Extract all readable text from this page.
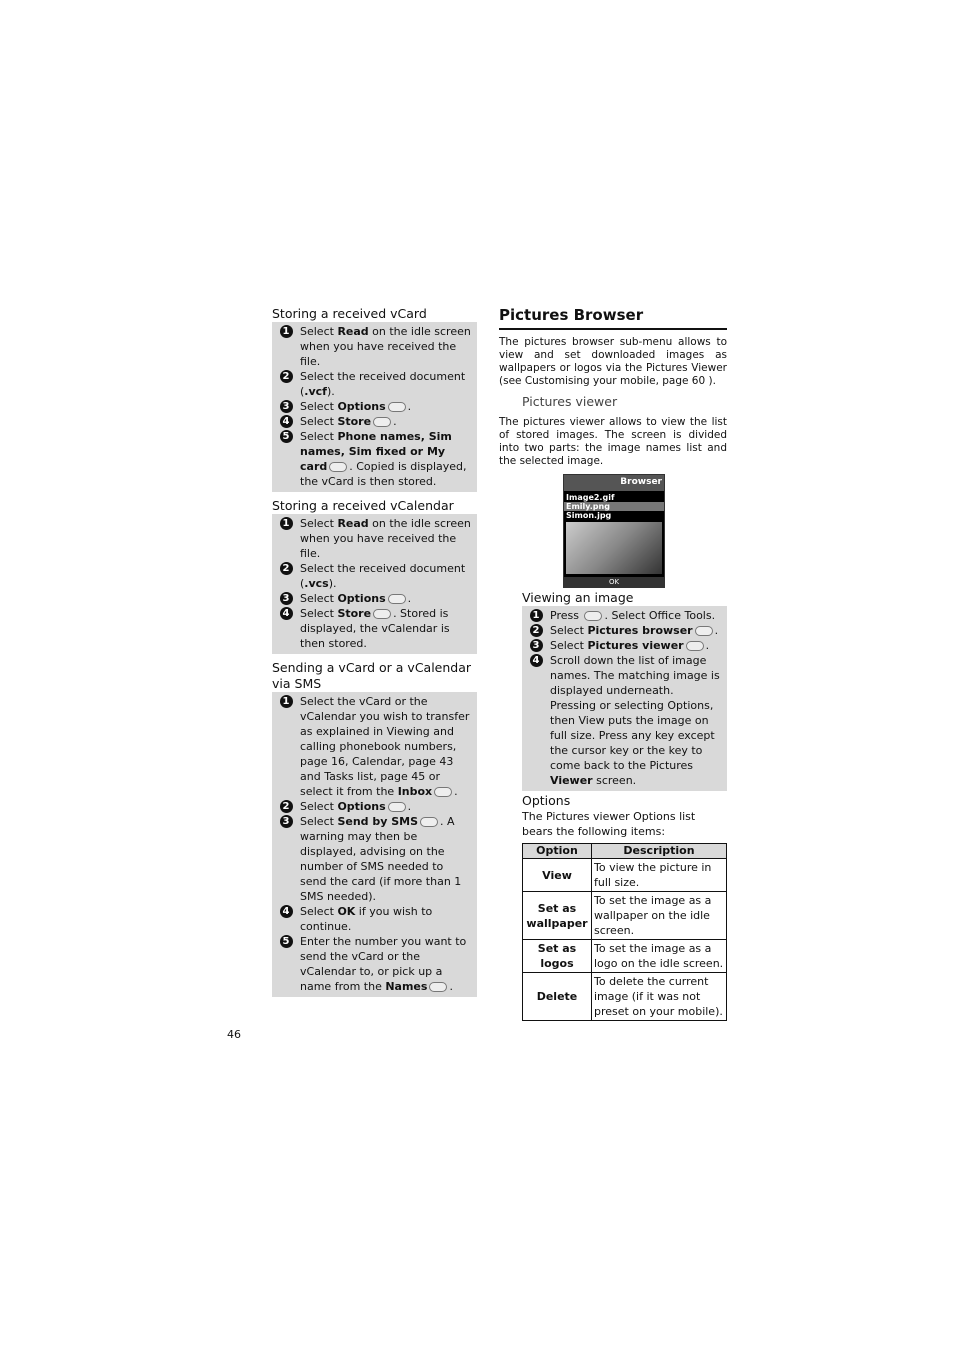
Storing a received vCard

1 Select Read on the idle screen when you have received the file.
2 Select the received document (.vcf).
3 Select Options .
4 Select Store .
5 Select Phone names, Sim names, Sim fixed or My card . Copied is displayed, the vCard is then stored.

Storing a received vCalendar

1 Select Read on the idle screen when you have received the file.
2 Select the received document (.vcs).
3 Select Options .
4 Select Store . Stored is displayed, the vCalendar is then stored.

Sending a vCard or a vCalendar via SMS

1 Select the vCard or the vCalendar you wish to transfer as explained in Viewing and calling phonebook numbers, page 16, Calendar, page 43 and Tasks list, page 45 or select it from the Inbox .
2 Select Options .
3 Select Send by SMS . A warning may then be displayed, advising on the number of SMS needed to send the card (if more than 1 SMS needed).
4 Select OK if you wish to continue.
5 Enter the number you want to send the vCard or the vCalendar to, or pick up a name from the Names .
Pictures Browser

The pictures browser sub-menu allows to view and set downloaded images as wallpapers or logos via the Pictures Viewer (see Customising your mobile, page 60 ).

Pictures viewer

The pictures viewer allows to view the list of stored images. The screen is divided into two parts: the image names list and the selected image.

Browser
Image2.gif
Emily.png
Simon.jpg
OK

Viewing an image

1 Press . Select Office Tools.
2 Select Pictures browser .
3 Select Pictures viewer .
4 Scroll down the list of image names. The matching image is displayed underneath. Pressing or selecting Options, then View puts the image on full size. Press any key except the cursor key or the key to come back to the Pictures Viewer screen.

Options

The Pictures viewer Options list bears the following items:

Option	Description
View	To view the picture in full size.
Set as wallpaper	To set the image as a wallpaper on the idle screen.
Set as logos	To set the image as a logo on the idle screen.
Delete	To delete the current image (if it was not preset on your mobile).
46
